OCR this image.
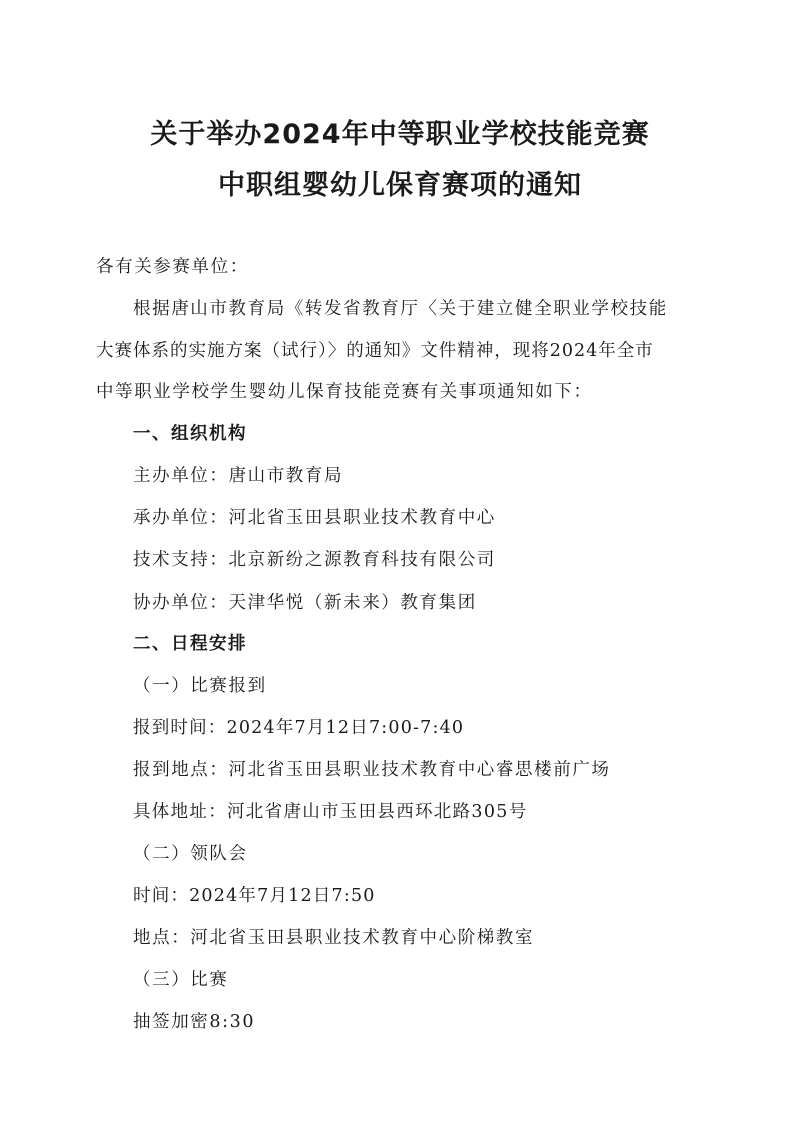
关于举办2024年中等职业学校技能竞赛
中职组婴幼儿保育赛项的通知
各有关参赛单位：
根据唐山市教育局《转发省教育厅〈关于建立健全职业学校技能
大赛体系的实施方案（试行）〉的通知》文件精神，现将2024年全市
中等职业学校学生婴幼儿保育技能竞赛有关事项通知如下：
一、组织机构
主办单位：唐山市教育局
承办单位：河北省玉田县职业技术教育中心
技术支持：北京新纷之源教育科技有限公司
协办单位：天津华悦（新未来）教育集团
二、日程安排
（一）比赛报到
报到时间：2024年7月12日7:00-7:40
报到地点：河北省玉田县职业技术教育中心睿思楼前广场
具体地址：河北省唐山市玉田县西环北路305号
（二）领队会
时间：2024年7月12日7:50
地点：河北省玉田县职业技术教育中心阶梯教室
（三）比赛
抽签加密8:30
